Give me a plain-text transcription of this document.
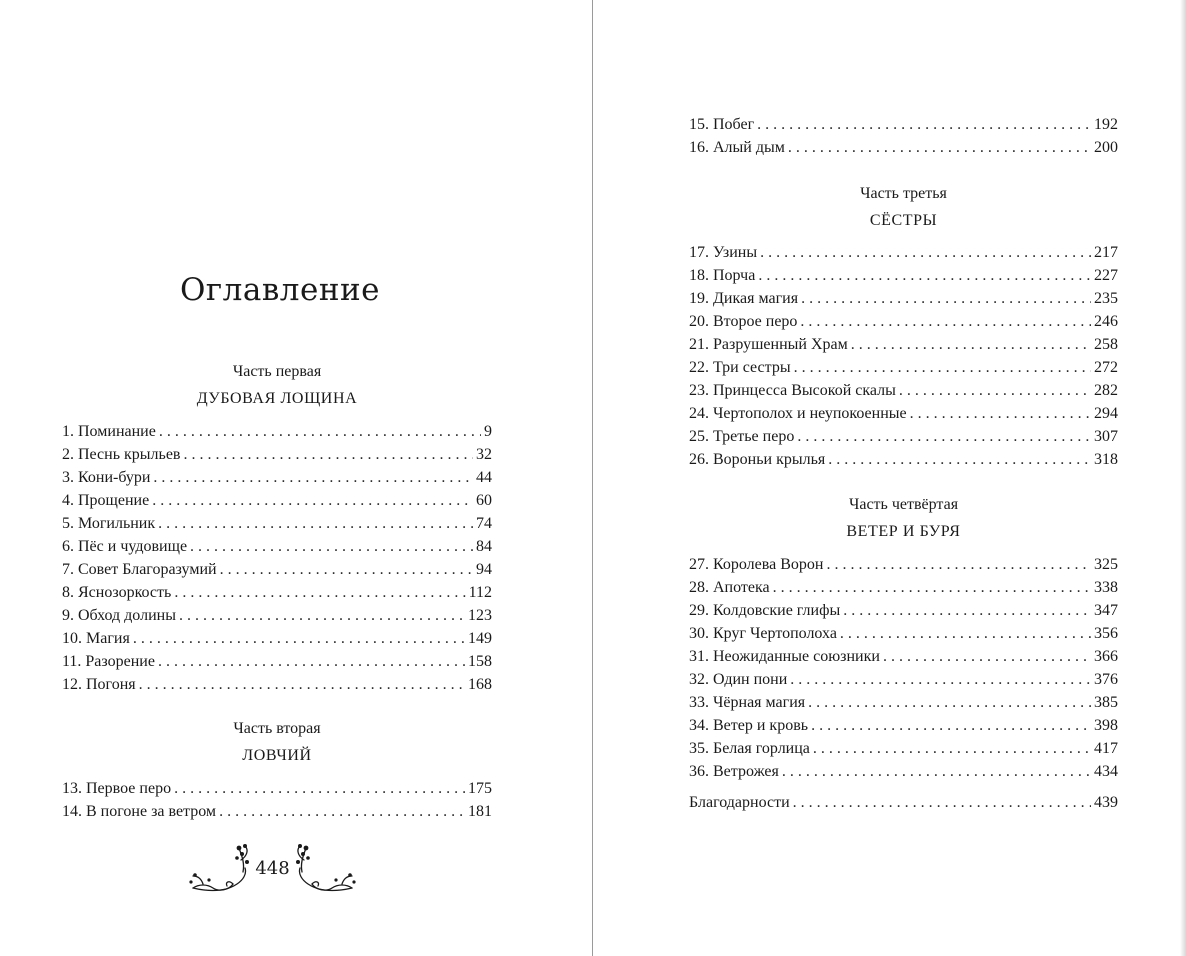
Оглавление
Часть первая
ДУБОВАЯ ЛОЩИНА
1. Поминание . . .	9
2. Песнь крыльев . . .	32
3. Кони-бури . . .	44
4. Прощение . . .	60
5. Могильник . . .	74
6. Пёс и чудовище . . .	84
7. Совет Благоразумий . . .	94
8. Яснозоркость . . .	112
9. Обход долины . . .	123
10. Магия . . .	149
11. Разорение . . .	158
12. Погоня . . .	168
Часть вторая
ЛОВЧИЙ
13. Первое перо . . .	175
14. В погоне за ветром . . .	181
448
15. Побег . . .	192
16. Алый дым . . .	200
Часть третья
СЁСТРЫ
17. Узины . . .	217
18. Порча . . .	227
19. Дикая магия . . .	235
20. Второе перо . . .	246
21. Разрушенный Храм . . .	258
22. Три сестры . . .	272
23. Принцесса Высокой скалы . . .	282
24. Чертополох и неупокоенные . . .	294
25. Третье перо . . .	307
26. Вороньи крылья . . .	318
Часть четвёртая
ВЕТЕР И БУРЯ
27. Королева Ворон . . .	325
28. Апотека . . .	338
29. Колдовские глифы . . .	347
30. Круг Чертополоха . . .	356
31. Неожиданные союзники . . .	366
32. Один пони . . .	376
33. Чёрная магия . . .	385
34. Ветер и кровь . . .	398
35. Белая горлица . . .	417
36. Ветрожея . . .	434
Благодарности . . .	439
